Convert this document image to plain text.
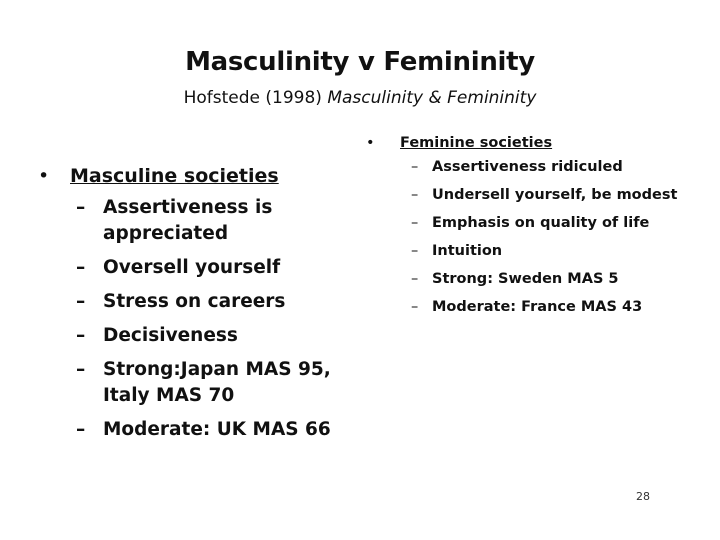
Masculinity v Femininity
Hofstede (1998) Masculinity & Femininity
• Masculine societies
– Assertiveness is appreciated
– Oversell yourself
– Stress on careers
– Decisiveness
– Strong:Japan MAS 95, Italy MAS 70
– Moderate: UK MAS 66
• Feminine societies
– Assertiveness ridiculed
– Undersell yourself, be modest
– Emphasis on quality of life
– Intuition
– Strong: Sweden MAS 5
– Moderate: France MAS 43
28
